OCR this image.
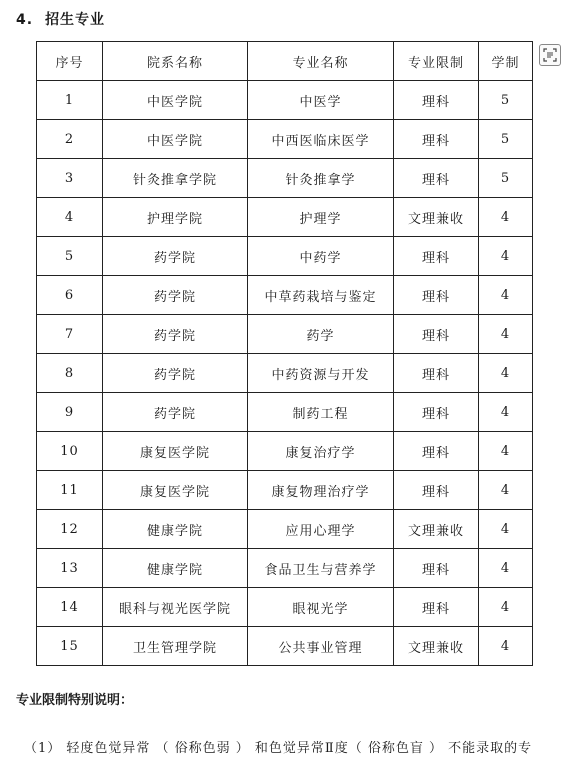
4. 招生专业
序号	院系名称	专业名称	专业限制	学制
1	中医学院	中医学	理科	5
2	中医学院	中西医临床医学	理科	5
3	针灸推拿学院	针灸推拿学	理科	5
4	护理学院	护理学	文理兼收	4
5	药学院	中药学	理科	4
6	药学院	中草药栽培与鉴定	理科	4
7	药学院	药学	理科	4
8	药学院	中药资源与开发	理科	4
9	药学院	制药工程	理科	4
10	康复医学院	康复治疗学	理科	4
11	康复医学院	康复物理治疗学	理科	4
12	健康学院	应用心理学	文理兼收	4
13	健康学院	食品卫生与营养学	理科	4
14	眼科与视光医学院	眼视光学	理科	4
15	卫生管理学院	公共事业管理	文理兼收	4
专业限制特别说明：
（1） 轻度色觉异常 （ 俗称色弱 ） 和色觉异常Ⅱ度（ 俗称色盲 ） 不能录取的专
